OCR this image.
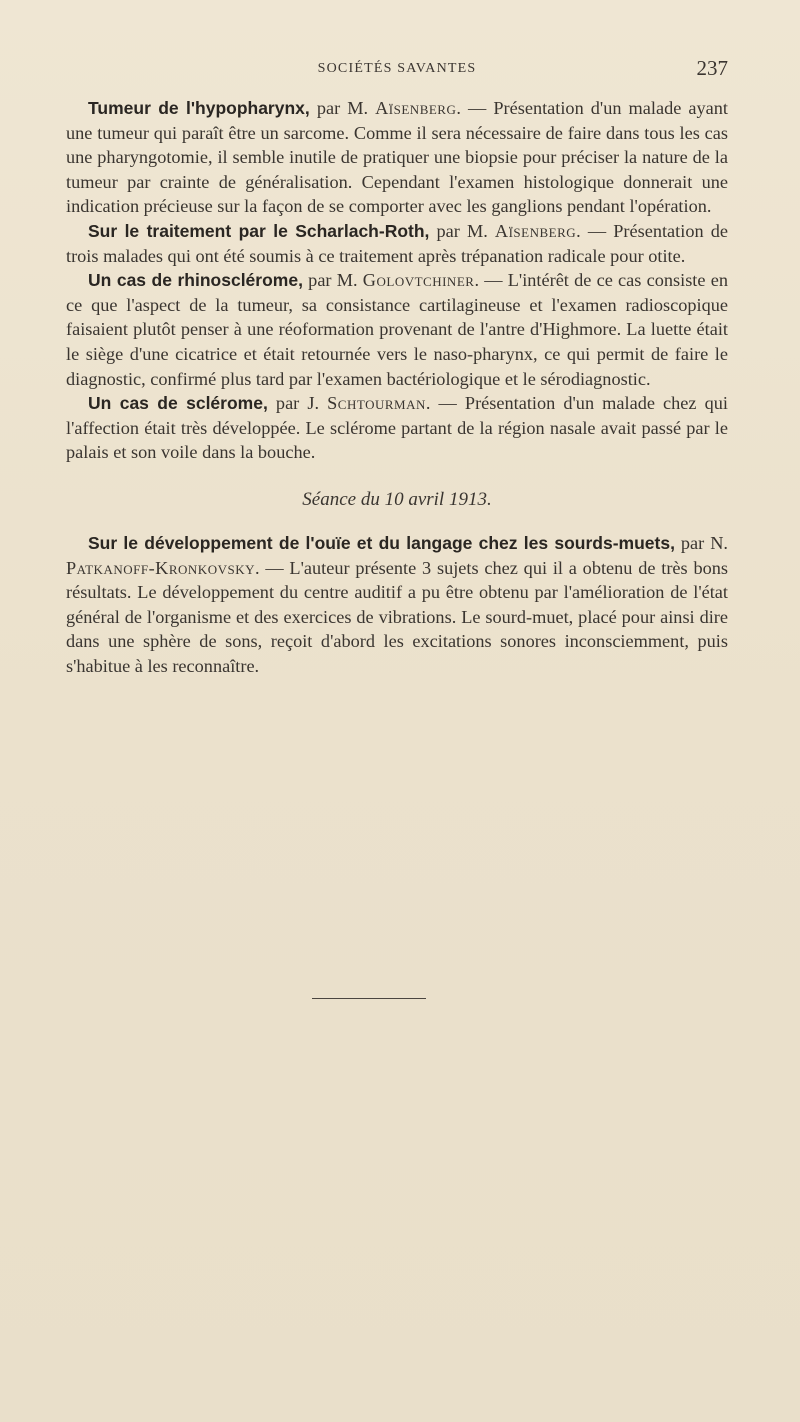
SOCIÉTÉS SAVANTES	237

Tumeur de l'hypopharynx, par M. Aïsenberg. — Présentation d'un malade ayant une tumeur qui paraît être un sarcome. Comme il sera nécessaire de faire dans tous les cas une pharyngotomie, il semble inutile de pratiquer une biopsie pour préciser la nature de la tumeur par crainte de généralisation. Cependant l'examen histologique donnerait une indication précieuse sur la façon de se comporter avec les ganglions pendant l'opération.

Sur le traitement par le Scharlach-Roth, par M. Aïsenberg. — Présentation de trois malades qui ont été soumis à ce traitement après trépanation radicale pour otite.

Un cas de rhinosclérome, par M. Golovtchiner. — L'intérêt de ce cas consiste en ce que l'aspect de la tumeur, sa consistance cartilagineuse et l'examen radioscopique faisaient plutôt penser à une réoformation provenant de l'antre d'Highmore. La luette était le siège d'une cicatrice et était retournée vers le naso-pharynx, ce qui permit de faire le diagnostic, confirmé plus tard par l'examen bactériologique et le sérodiagnostic.

Un cas de sclérome, par J. Schtourman. — Présentation d'un malade chez qui l'affection était très développée. Le sclérome partant de la région nasale avait passé par le palais et son voile dans la bouche.

Séance du 10 avril 1913.

Sur le développement de l'ouïe et du langage chez les sourds-muets, par N. Patkanoff-Kronkovsky. — L'auteur présente 3 sujets chez qui il a obtenu de très bons résultats. Le développement du centre auditif a pu être obtenu par l'amélioration de l'état général de l'organisme et des exercices de vibrations. Le sourd-muet, placé pour ainsi dire dans une sphère de sons, reçoit d'abord les excitations sonores inconsciemment, puis s'habitue à les reconnaître.
